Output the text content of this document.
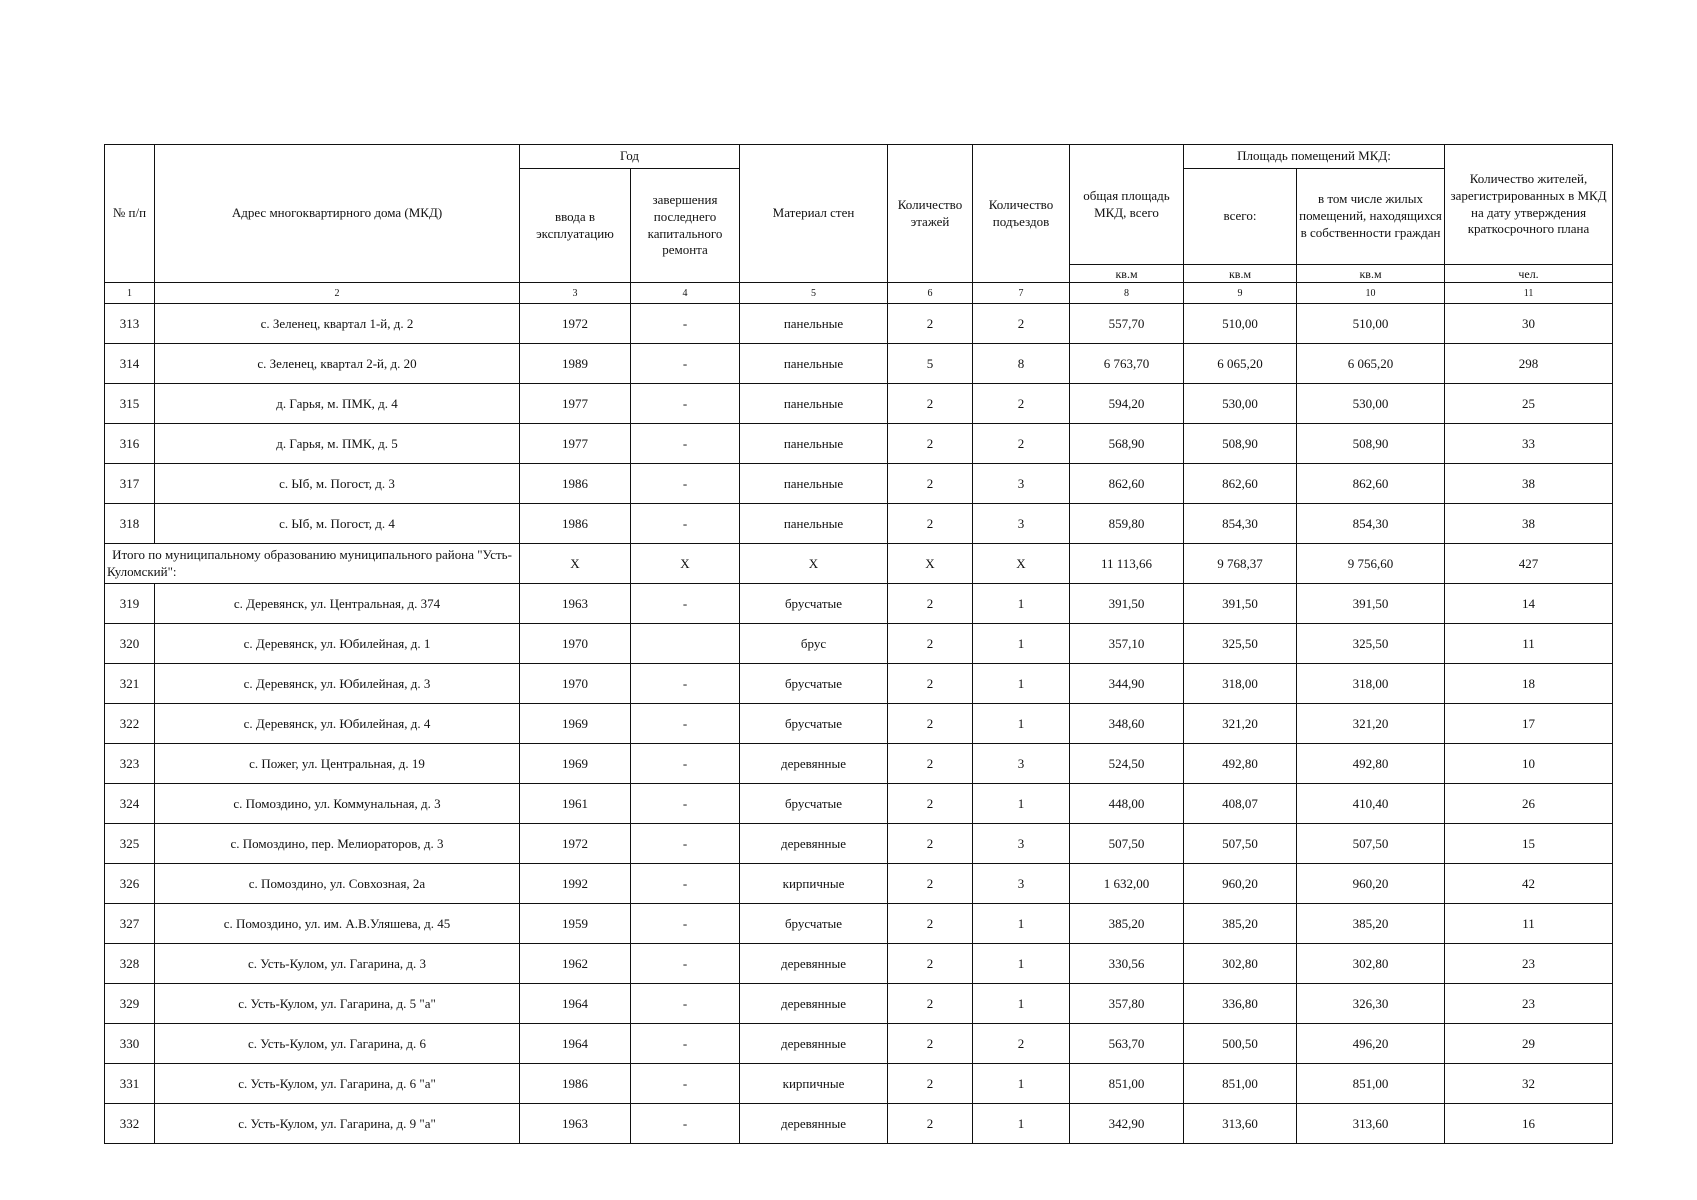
№ п/п	Адрес многоквартирного дома (МКД)	Год		Материал стен	Количество этажей	Количество подъездов	общая площадь МКД, всего	Площадь помещений МКД:		Количество жителей, зарегистрированных в МКД на дату утверждения краткосрочного плана
		ввода в эксплуатацию	завершения последнего капитального ремонта					всего:	в том числе жилых помещений, находящихся в собственности граждан	
							кв.м	кв.м	кв.м	чел.
1	2	3	4	5	6	7	8	9	10	11
313	с. Зеленец, квартал 1-й, д. 2	1972	-	панельные	2	2	557,70	510,00	510,00	30
314	с. Зеленец, квартал 2-й, д. 20	1989	-	панельные	5	8	6 763,70	6 065,20	6 065,20	298
315	д. Гарья, м. ПМК, д. 4	1977	-	панельные	2	2	594,20	530,00	530,00	25
316	д. Гарья, м. ПМК, д. 5	1977	-	панельные	2	2	568,90	508,90	508,90	33
317	с. Ыб, м. Погост, д. 3	1986	-	панельные	2	3	862,60	862,60	862,60	38
318	с. Ыб, м. Погост, д. 4	1986	-	панельные	2	3	859,80	854,30	854,30	38
Итого по муниципальному образованию муниципального района "Усть-Куломский":		X	X	X	X	X	11 113,66	9 768,37	9 756,60	427
319	с. Деревянск, ул. Центральная, д. 374	1963	-	брусчатые	2	1	391,50	391,50	391,50	14
320	с. Деревянск, ул. Юбилейная, д. 1	1970		брус	2	1	357,10	325,50	325,50	11
321	с. Деревянск, ул. Юбилейная, д. 3	1970	-	брусчатые	2	1	344,90	318,00	318,00	18
322	с. Деревянск, ул. Юбилейная, д. 4	1969	-	брусчатые	2	1	348,60	321,20	321,20	17
323	с. Пожег, ул. Центральная, д. 19	1969	-	деревянные	2	3	524,50	492,80	492,80	10
324	с. Помоздино, ул. Коммунальная, д. 3	1961	-	брусчатые	2	1	448,00	408,07	410,40	26
325	с. Помоздино, пер. Мелиораторов, д. 3	1972	-	деревянные	2	3	507,50	507,50	507,50	15
326	с. Помоздино, ул. Совхозная, 2а	1992	-	кирпичные	2	3	1 632,00	960,20	960,20	42
327	с. Помоздино, ул. им. А.В.Уляшева, д. 45	1959	-	брусчатые	2	1	385,20	385,20	385,20	11
328	с. Усть-Кулом, ул. Гагарина, д. 3	1962	-	деревянные	2	1	330,56	302,80	302,80	23
329	с. Усть-Кулом, ул. Гагарина, д. 5 "а"	1964	-	деревянные	2	1	357,80	336,80	326,30	23
330	с. Усть-Кулом, ул. Гагарина, д. 6	1964	-	деревянные	2	2	563,70	500,50	496,20	29
331	с. Усть-Кулом, ул. Гагарина, д. 6 "а"	1986	-	кирпичные	2	1	851,00	851,00	851,00	32
332	с. Усть-Кулом, ул. Гагарина, д. 9 "а"	1963	-	деревянные	2	1	342,90	313,60	313,60	16
